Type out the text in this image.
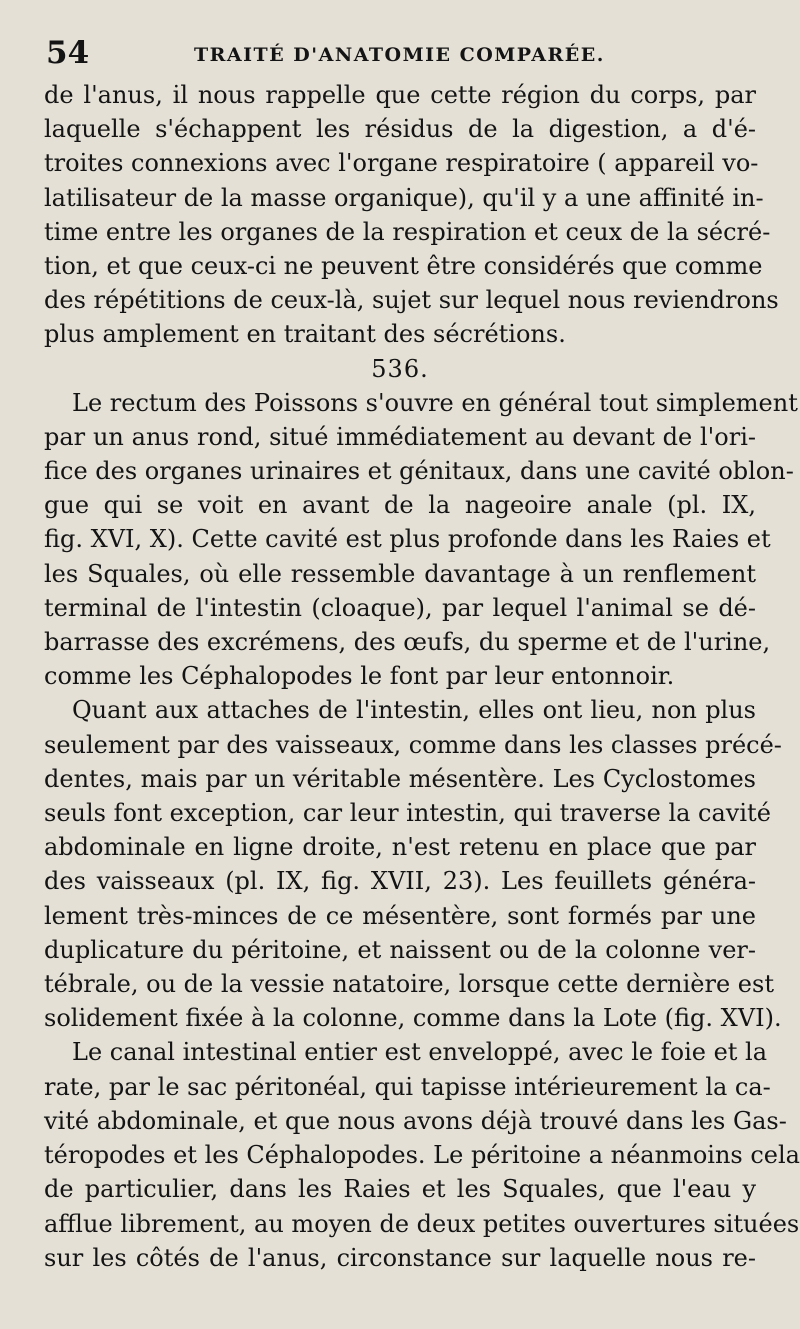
54	TRAITÉ D'ANATOMIE COMPARÉE.

de l'anus, il nous rappelle que cette région du corps, par
laquelle s'échappent les résidus de la digestion, a d'é-
troites connexions avec l'organe respiratoire ( appareil vo-
latilisateur de la masse organique), qu'il y a une affinité in-
time entre les organes de la respiration et ceux de la sécré-
tion, et que ceux-ci ne peuvent être considérés que comme
des répétitions de ceux-là, sujet sur lequel nous reviendrons
plus amplement en traitant des sécrétions.

536.

Le rectum des Poissons s'ouvre en général tout simplement
par un anus rond, situé immédiatement au devant de l'ori-
fice des organes urinaires et génitaux, dans une cavité oblon-
gue qui se voit en avant de la nageoire anale (pl. IX,
fig. XVI, X). Cette cavité est plus profonde dans les Raies et
les Squales, où elle ressemble davantage à un renflement
terminal de l'intestin (cloaque), par lequel l'animal se dé-
barrasse des excrémens, des œufs, du sperme et de l'urine,
comme les Céphalopodes le font par leur entonnoir.

Quant aux attaches de l'intestin, elles ont lieu, non plus
seulement par des vaisseaux, comme dans les classes précé-
dentes, mais par un véritable mésentère. Les Cyclostomes
seuls font exception, car leur intestin, qui traverse la cavité
abdominale en ligne droite, n'est retenu en place que par
des vaisseaux (pl. IX, fig. XVII, 23). Les feuillets généra-
lement très-minces de ce mésentère, sont formés par une
duplicature du péritoine, et naissent ou de la colonne ver-
tébrale, ou de la vessie natatoire, lorsque cette dernière est
solidement fixée à la colonne, comme dans la Lote (fig. XVI).

Le canal intestinal entier est enveloppé, avec le foie et la
rate, par le sac péritonéal, qui tapisse intérieurement la ca-
vité abdominale, et que nous avons déjà trouvé dans les Gas-
téropodes et les Céphalopodes. Le péritoine a néanmoins cela
de particulier, dans les Raies et les Squales, que l'eau y
afflue librement, au moyen de deux petites ouvertures situées
sur les côtés de l'anus, circonstance sur laquelle nous re-
